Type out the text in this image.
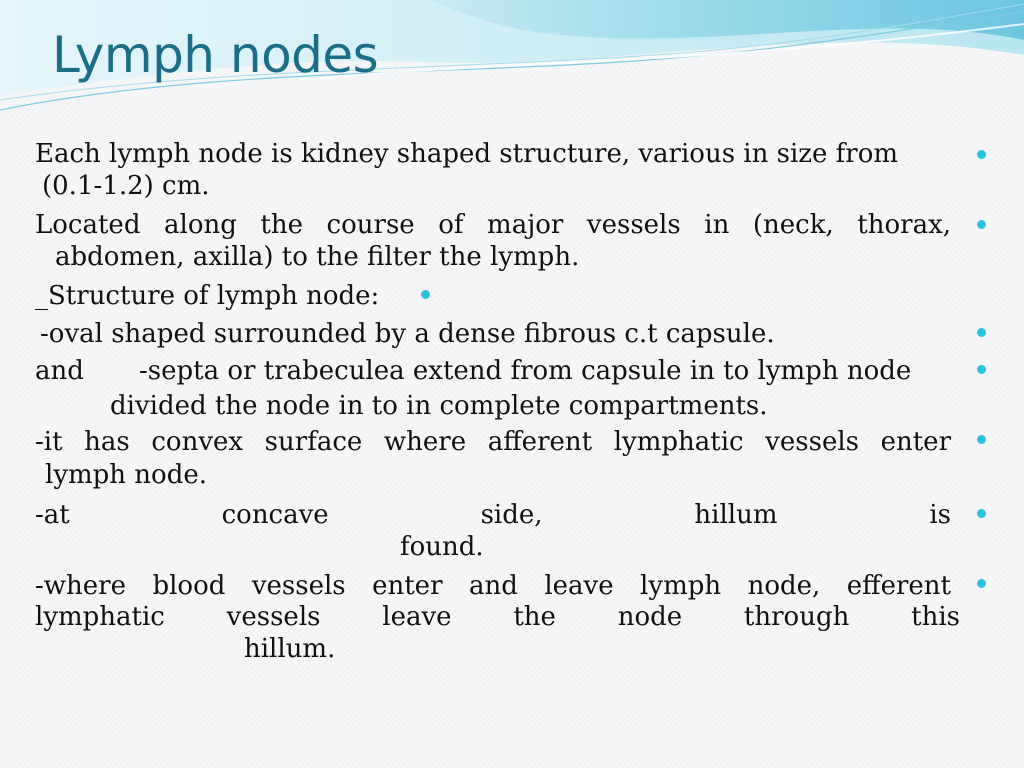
Lymph nodes

Each lymph node is kidney shaped structure, various in size from

(0.1-1.2) cm.

Located along the course of major vessels in (neck, thorax,

abdomen, axilla) to the filter the lymph.

_Structure of lymph node:

-oval shaped surrounded by a dense fibrous c.t capsule.

and -septa or trabeculea extend from capsule in to lymph node

divided the node in to in complete compartments.

-it has convex surface where afferent lymphatic vessels enter

lymph node.

-at concave side, hillum is

found.

-where blood vessels enter and leave lymph node, efferent

lymphatic vessels leave the node through this

hillum.
